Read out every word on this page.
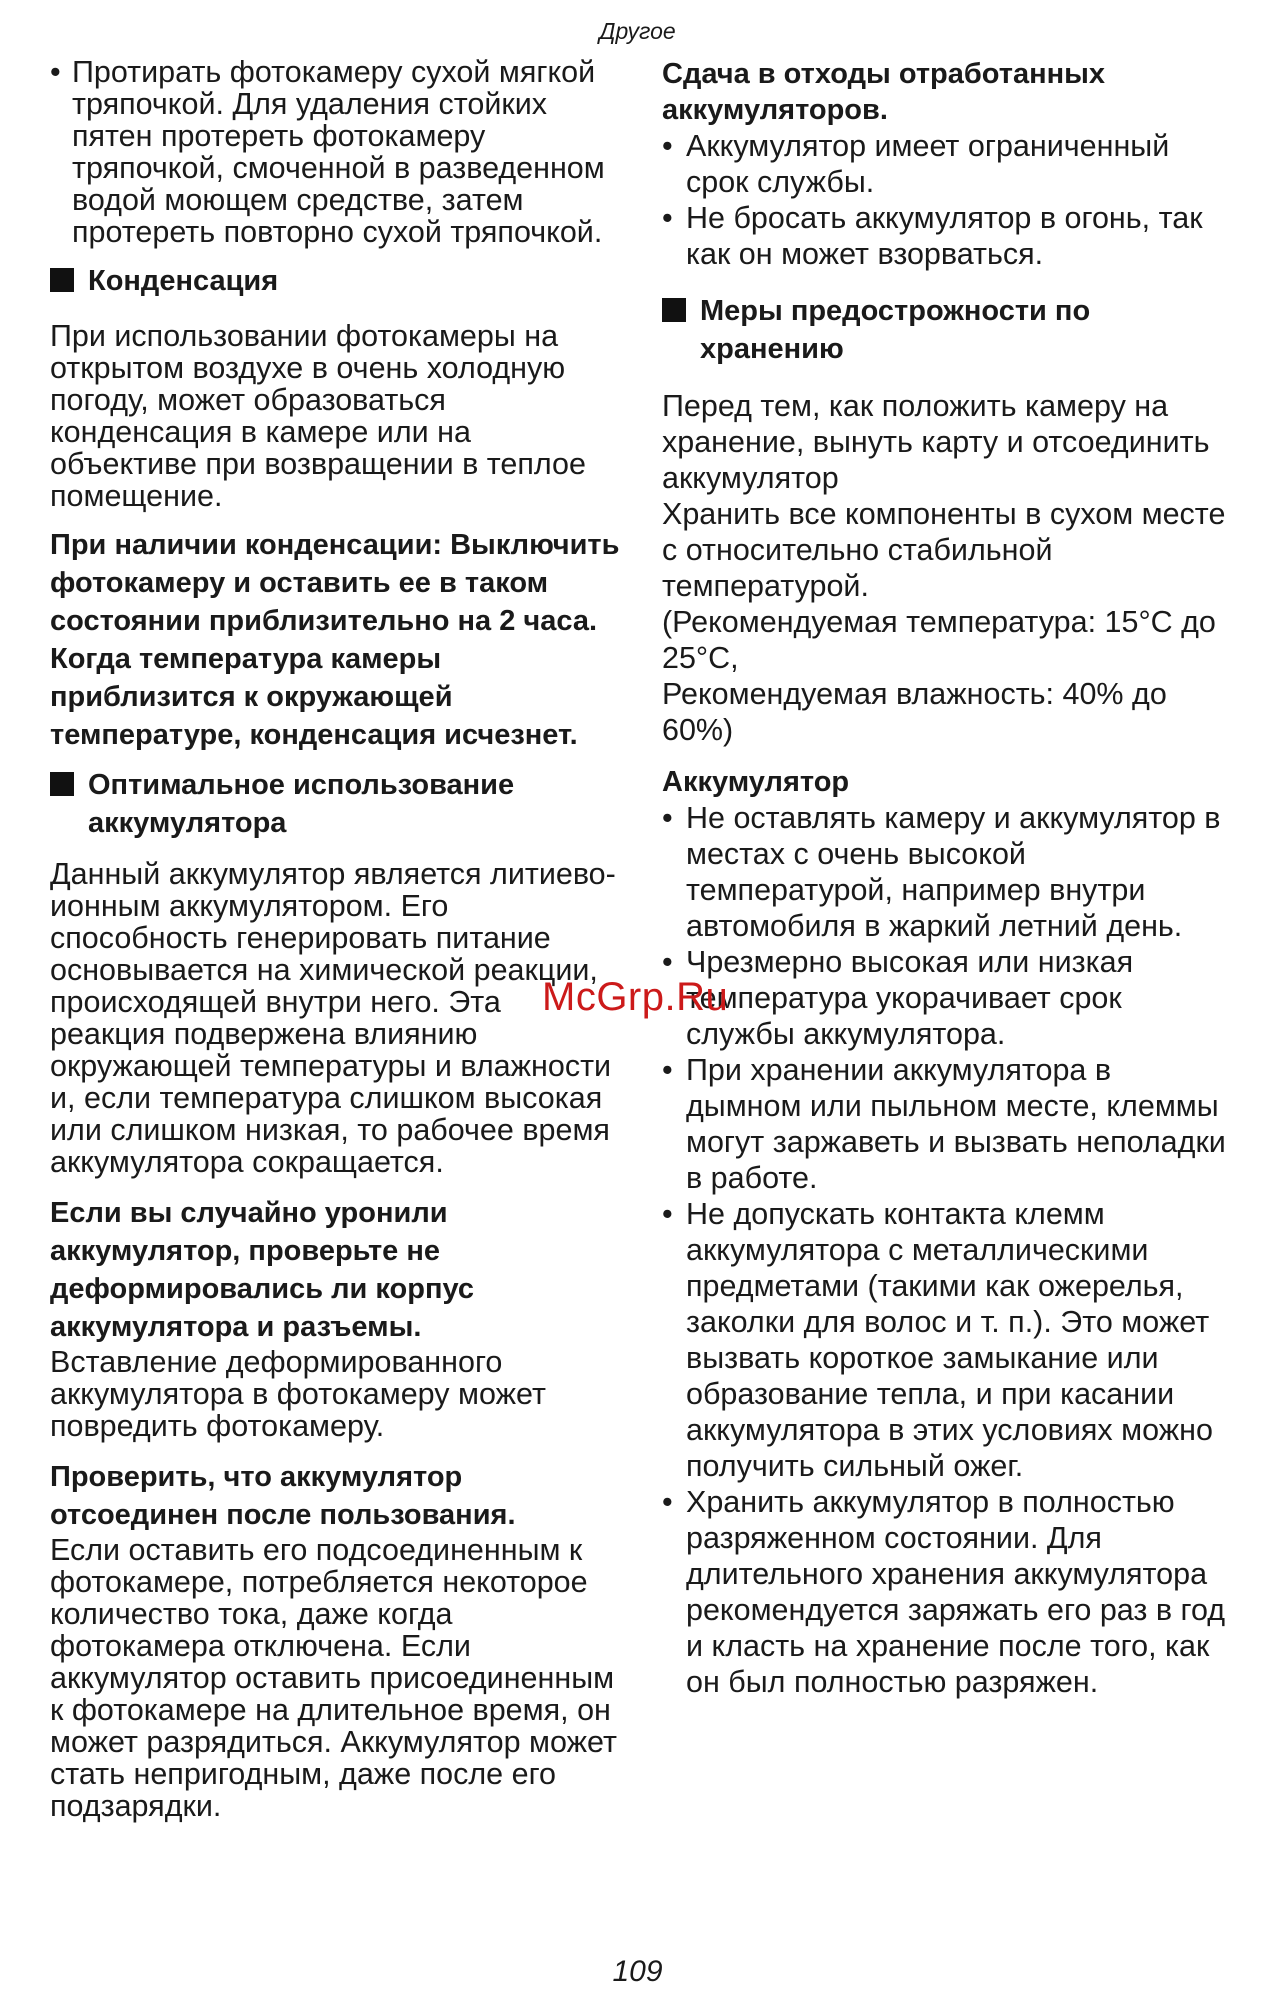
Другое

• Протирать фотокамеру сухой мягкой тряпочкой. Для удаления стойких пятен протереть фотокамеру тряпочкой, смоченной в разведенном водой моющем средстве, затем протереть повторно сухой тряпочкой.

Конденсация

При использовании фотокамеры на открытом воздухе в очень холодную погоду, может образоваться конденсация в камере или на объективе при возвращении в теплое помещение.

При наличии конденсации: Выключить фотокамеру и оставить ее в таком состоянии приблизительно на 2 часа. Когда температура камеры приблизится к окружающей температуре, конденсация исчезнет.

Оптимальное использование аккумулятора

Данный аккумулятор является литиево-ионным аккумулятором. Его способность генерировать питание основывается на химической реакции, происходящей внутри него. Эта реакция подвержена влиянию окружающей температуры и влажности и, если температура слишком высокая или слишком низкая, то рабочее время аккумулятора сокращается.

Если вы случайно уронили аккумулятор, проверьте не деформировались ли корпус аккумулятора и разъемы.

Вставление деформированного аккумулятора в фотокамеру может повредить фотокамеру.

Проверить, что аккумулятор отсоединен после пользования.

Если оставить его подсоединенным к фотокамере, потребляется некоторое количество тока, даже когда фотокамера отключена. Если аккумулятор оставить присоединенным к фотокамере на длительное время, он может разрядиться. Аккумулятор может стать непригодным, даже после его подзарядки.

Сдача в отходы отработанных аккумуляторов.

• Аккумулятор имеет ограниченный срок службы.

• Не бросать аккумулятор в огонь, так как он может взорваться.

Меры предострожности по хранению

Перед тем, как положить камеру на хранение, вынуть карту и отсоединить аккумулятор

Хранить все компоненты в сухом месте с относительно стабильной температурой.

(Рекомендуемая температура: 15°C до 25°C,

Рекомендуемая влажность: 40% до 60%)

Аккумулятор

• Не оставлять камеру и аккумулятор в местах с очень высокой температурой, например внутри автомобиля в жаркий летний день.

• Чрезмерно высокая или низкая температура укорачивает срок службы аккумулятора.

• При хранении аккумулятора в дымном или пыльном месте, клеммы могут заржаветь и вызвать неполадки в работе.

• Не допускать контакта клемм аккумулятора с металлическими предметами (такими как ожерелья, заколки для волос и т. п.). Это может вызвать короткое замыкание или образование тепла, и при касании аккумулятора в этих условиях можно получить сильный ожег.

• Хранить аккумулятор в полностью разряженном состоянии. Для длительного хранения аккумулятора рекомендуется заряжать его раз в год и класть на хранение после того, как он был полностью разряжен.

McGrp.Ru
109
